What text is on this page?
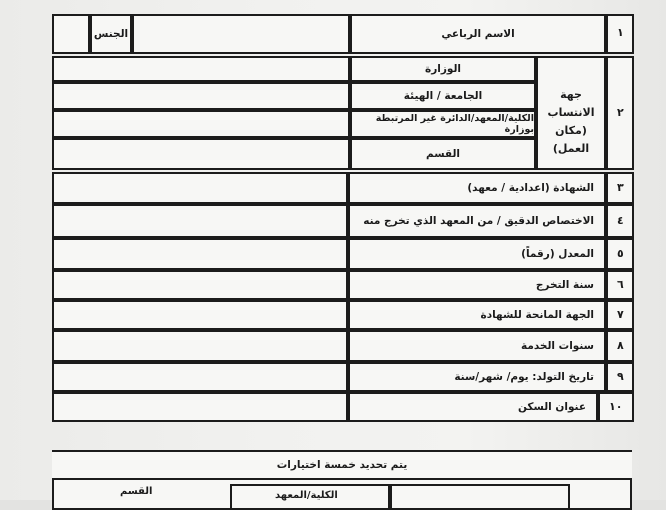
١
الاسم الرباعي
الجنس
٢
جهة
الانتساب
(مكان العمل)
الوزارة
الجامعة / الهيئة
الكلية/المعهد/الدائرة غير المرتبطة بوزارة
القسم
٣
الشهادة (اعدادية / معهد)
٤
الاختصاص الدقيق / من المعهد الذي تخرج منه
٥
المعدل (رقماً)
٦
سنة التخرج
٧
الجهة المانحة للشهادة
٨
سنوات الخدمة
٩
تاريخ التولد: يوم/ شهر/سنة
١٠
عنوان السكن
يتم تحديد خمسة اختيارات
الكلية/المعهد
القسم
